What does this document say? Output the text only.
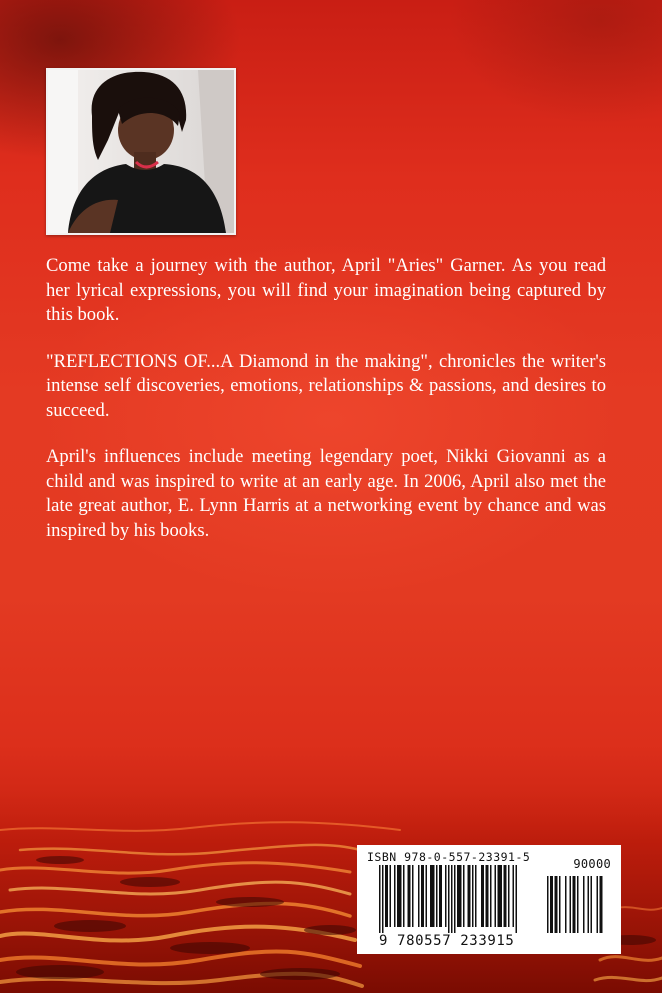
Come take a journey with the author, April "Aries" Garner. As you read her lyrical expressions, you will find your imagination being captured by this book.

"REFLECTIONS OF...A Diamond in the making", chronicles the writer's intense self discoveries, emotions, relationships & passions, and desires to succeed.

April's influences include meeting legendary poet, Nikki Giovanni as a child and was inspired to write at an early age. In 2006, April also met the late great author, E. Lynn Harris at a networking event by chance and was inspired by his books.

ISBN 978-0-557-23391-5	90000
9 780557 233915
